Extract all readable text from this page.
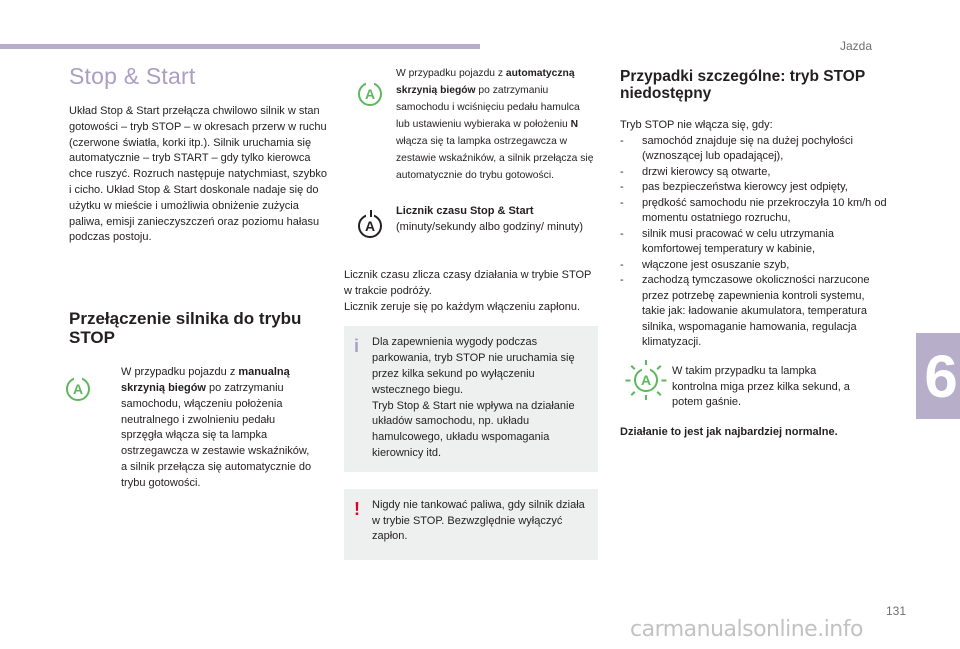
Jazda
6
131
carmanualsonline.info
Stop & Start

Układ Stop & Start przełącza chwilowo silnik w stan gotowości – tryb STOP – w okresach przerw w ruchu (czerwone światła, korki itp.). Silnik uruchamia się automatycznie – tryb START – gdy tylko kierowca chce ruszyć. Rozruch następuje natychmiast, szybko i cicho. Układ Stop & Start doskonale nadaje się do użytku w mieście i umożliwia obniżenie zużycia paliwa, emisji zanieczyszczeń oraz poziomu hałasu podczas postoju.

Przełączenie silnika do trybu STOP
A

W przypadku pojazdu z manualną skrzynią biegów po zatrzymaniu samochodu, włączeniu położenia neutralnego i zwolnieniu pedału sprzęgła włącza się ta lampka ostrzegawcza w zestawie wskaźników, a silnik przełącza się automatycznie do trybu gotowości.

A

W przypadku pojazdu z automatyczną skrzynią biegów po zatrzymaniu samochodu i wciśnięciu pedału hamulca lub ustawieniu wybieraka w położeniu N włącza się ta lampka ostrzegawcza w zestawie wskaźników, a silnik przełącza się automatycznie do trybu gotowości.

A

Licznik czasu Stop & Start

(minuty/sekundy albo godziny/ minuty)

Licznik czasu zlicza czasy działania w trybie STOP w trakcie podróży.

Licznik zeruje się po każdym włączeniu zapłonu.

i	Dla zapewnienia wygody podczas parkowania, tryb STOP nie uruchamia się przez kilka sekund po wyłączeniu wstecznego biegu.

Tryb Stop & Start nie wpływa na działanie układów samochodu, np. układu hamulcowego, układu wspomagania kierownicy itd.

!	Nigdy nie tankować paliwa, gdy silnik działa w trybie STOP. Bezwzględnie wyłączyć zapłon.

Przypadki szczególne: tryb STOP niedostępny

Tryb STOP nie włącza się, gdy:

- samochód znajduje się na dużej pochyłości (wznoszącej lub opadającej),
- drzwi kierowcy są otwarte,
- pas bezpieczeństwa kierowcy jest odpięty,
- prędkość samochodu nie przekroczyła 10 km/h od momentu ostatniego rozruchu,
- silnik musi pracować w celu utrzymania komfortowej temperatury w kabinie,
- włączone jest osuszanie szyb,
- zachodzą tymczasowe okoliczności narzucone przez potrzebę zapewnienia kontroli systemu, takie jak: ładowanie akumulatora, temperatura silnika, wspomaganie hamowania, regulacja klimatyzacji.
A

W takim przypadku ta lampka kontrolna miga przez kilka sekund, a potem gaśnie.

Działanie to jest jak najbardziej normalne.
